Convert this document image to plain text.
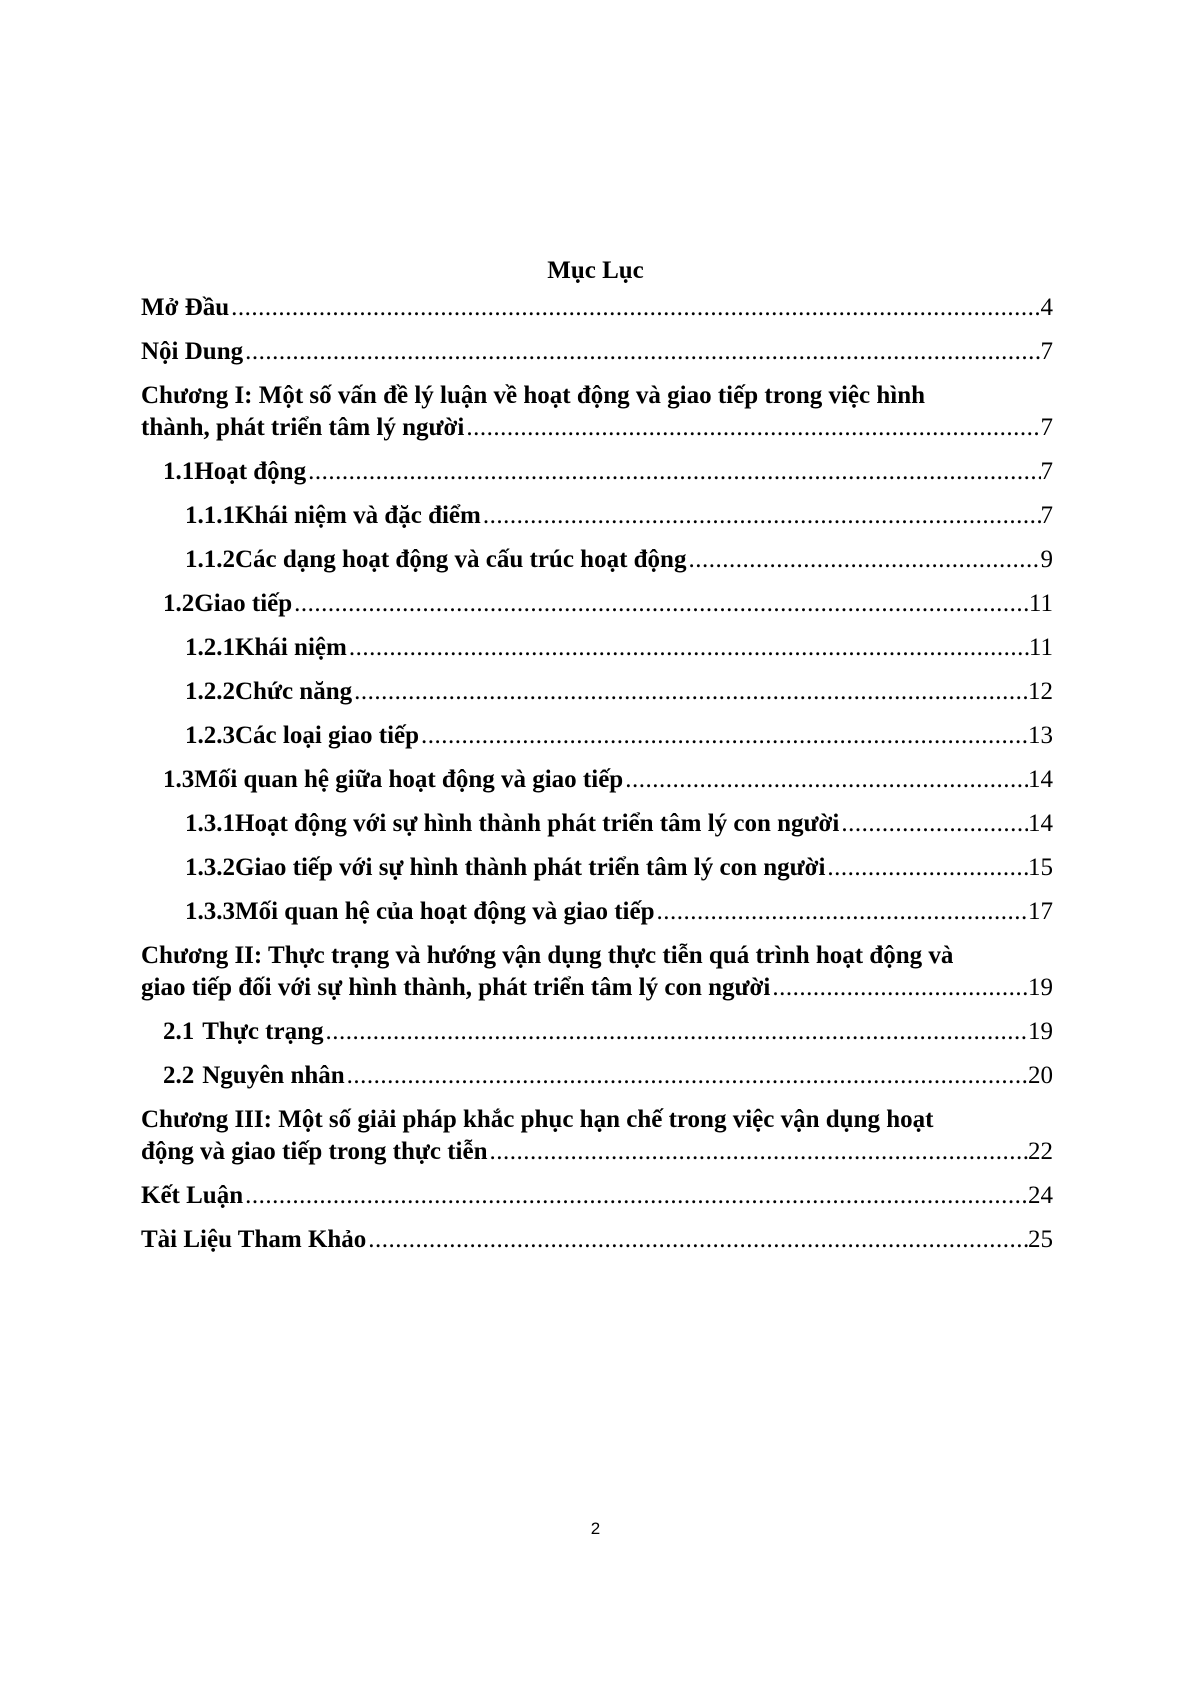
Mục Lục
Mở Đầu .....	4
Nội Dung .....	7
Chương I: Một số vấn đề lý luận về hoạt động và giao tiếp trong việc hình
thành, phát triển tâm lý người .....	7
1.1 Hoạt động .....	7
1.1.1 Khái niệm và đặc điểm .....	7
1.1.2 Các dạng hoạt động và cấu trúc hoạt động .....	9
1.2 Giao tiếp .....	11
1.2.1 Khái niệm .....	11
1.2.2 Chức năng .....	12
1.2.3 Các loại giao tiếp .....	13
1.3 Mối quan hệ giữa hoạt động và giao tiếp .....	14
1.3.1 Hoạt động với sự hình thành phát triển tâm lý con người .....	14
1.3.2 Giao tiếp với sự hình thành phát triển tâm lý con người .....	15
1.3.3 Mối quan hệ của hoạt động và giao tiếp .....	17
Chương II: Thực trạng và hướng vận dụng thực tiễn quá trình hoạt động và
giao tiếp đối với sự hình thành, phát triển tâm lý con người .....	19
2.1 Thực trạng .....	19
2.2 Nguyên nhân .....	20
Chương III: Một số giải pháp khắc phục hạn chế trong việc vận dụng hoạt
động và giao tiếp trong thực tiễn .....	22
Kết Luận .....	24
Tài Liệu Tham Khảo .....	25
2
